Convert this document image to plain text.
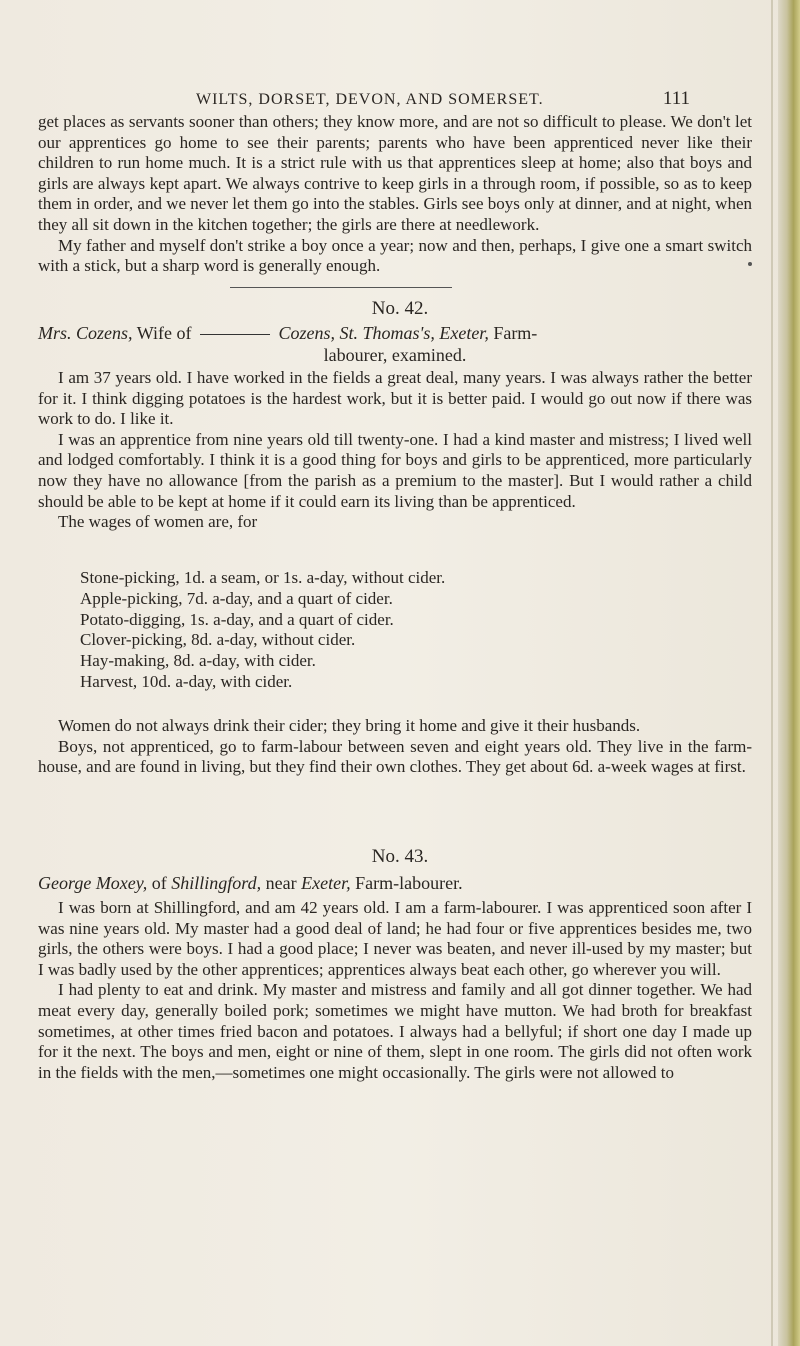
WILTS, DORSET, DEVON, AND SOMERSET.	111

get places as servants sooner than others; they know more, and are not so difficult to please. We don't let our apprentices go home to see their parents; parents who have been apprenticed never like their children to run home much. It is a strict rule with us that apprentices sleep at home; also that boys and girls are always kept apart. We always contrive to keep girls in a through room, if possible, so as to keep them in order, and we never let them go into the stables. Girls see boys only at dinner, and at night, when they all sit down in the kitchen together; the girls are there at needlework.

My father and myself don't strike a boy once a year; now and then, perhaps, I give one a smart switch with a stick, but a sharp word is generally enough.

No. 42.
Mrs. Cozens, Wife of	Cozens, St. Thomas's, Exeter, Farm-
labourer, examined.

I am 37 years old. I have worked in the fields a great deal, many years. I was always rather the better for it. I think digging potatoes is the hardest work, but it is better paid. I would go out now if there was work to do. I like it.

I was an apprentice from nine years old till twenty-one. I had a kind master and mistress; I lived well and lodged comfortably. I think it is a good thing for boys and girls to be apprenticed, more particularly now they have no allowance [from the parish as a premium to the master]. But I would rather a child should be able to be kept at home if it could earn its living than be apprenticed.

The wages of women are, for

Stone-picking, 1d. a seam, or 1s. a-day, without cider.
Apple-picking, 7d. a-day, and a quart of cider.
Potato-digging, 1s. a-day, and a quart of cider.
Clover-picking, 8d. a-day, without cider.
Hay-making, 8d. a-day, with cider.
Harvest, 10d. a-day, with cider.

Women do not always drink their cider; they bring it home and give it their husbands.

Boys, not apprenticed, go to farm-labour between seven and eight years old. They live in the farm-house, and are found in living, but they find their own clothes. They get about 6d. a-week wages at first.

No. 43.
George Moxey, of Shillingford, near Exeter, Farm-labourer.

I was born at Shillingford, and am 42 years old. I am a farm-labourer. I was apprenticed soon after I was nine years old. My master had a good deal of land; he had four or five apprentices besides me, two girls, the others were boys. I had a good place; I never was beaten, and never ill-used by my master; but I was badly used by the other apprentices; apprentices always beat each other, go wherever you will.

I had plenty to eat and drink. My master and mistress and family and all got dinner together. We had meat every day, generally boiled pork; sometimes we might have mutton. We had broth for breakfast sometimes, at other times fried bacon and potatoes. I always had a bellyful; if short one day I made up for it the next. The boys and men, eight or nine of them, slept in one room. The girls did not often work in the fields with the men,—sometimes one might occasionally. The girls were not allowed to
